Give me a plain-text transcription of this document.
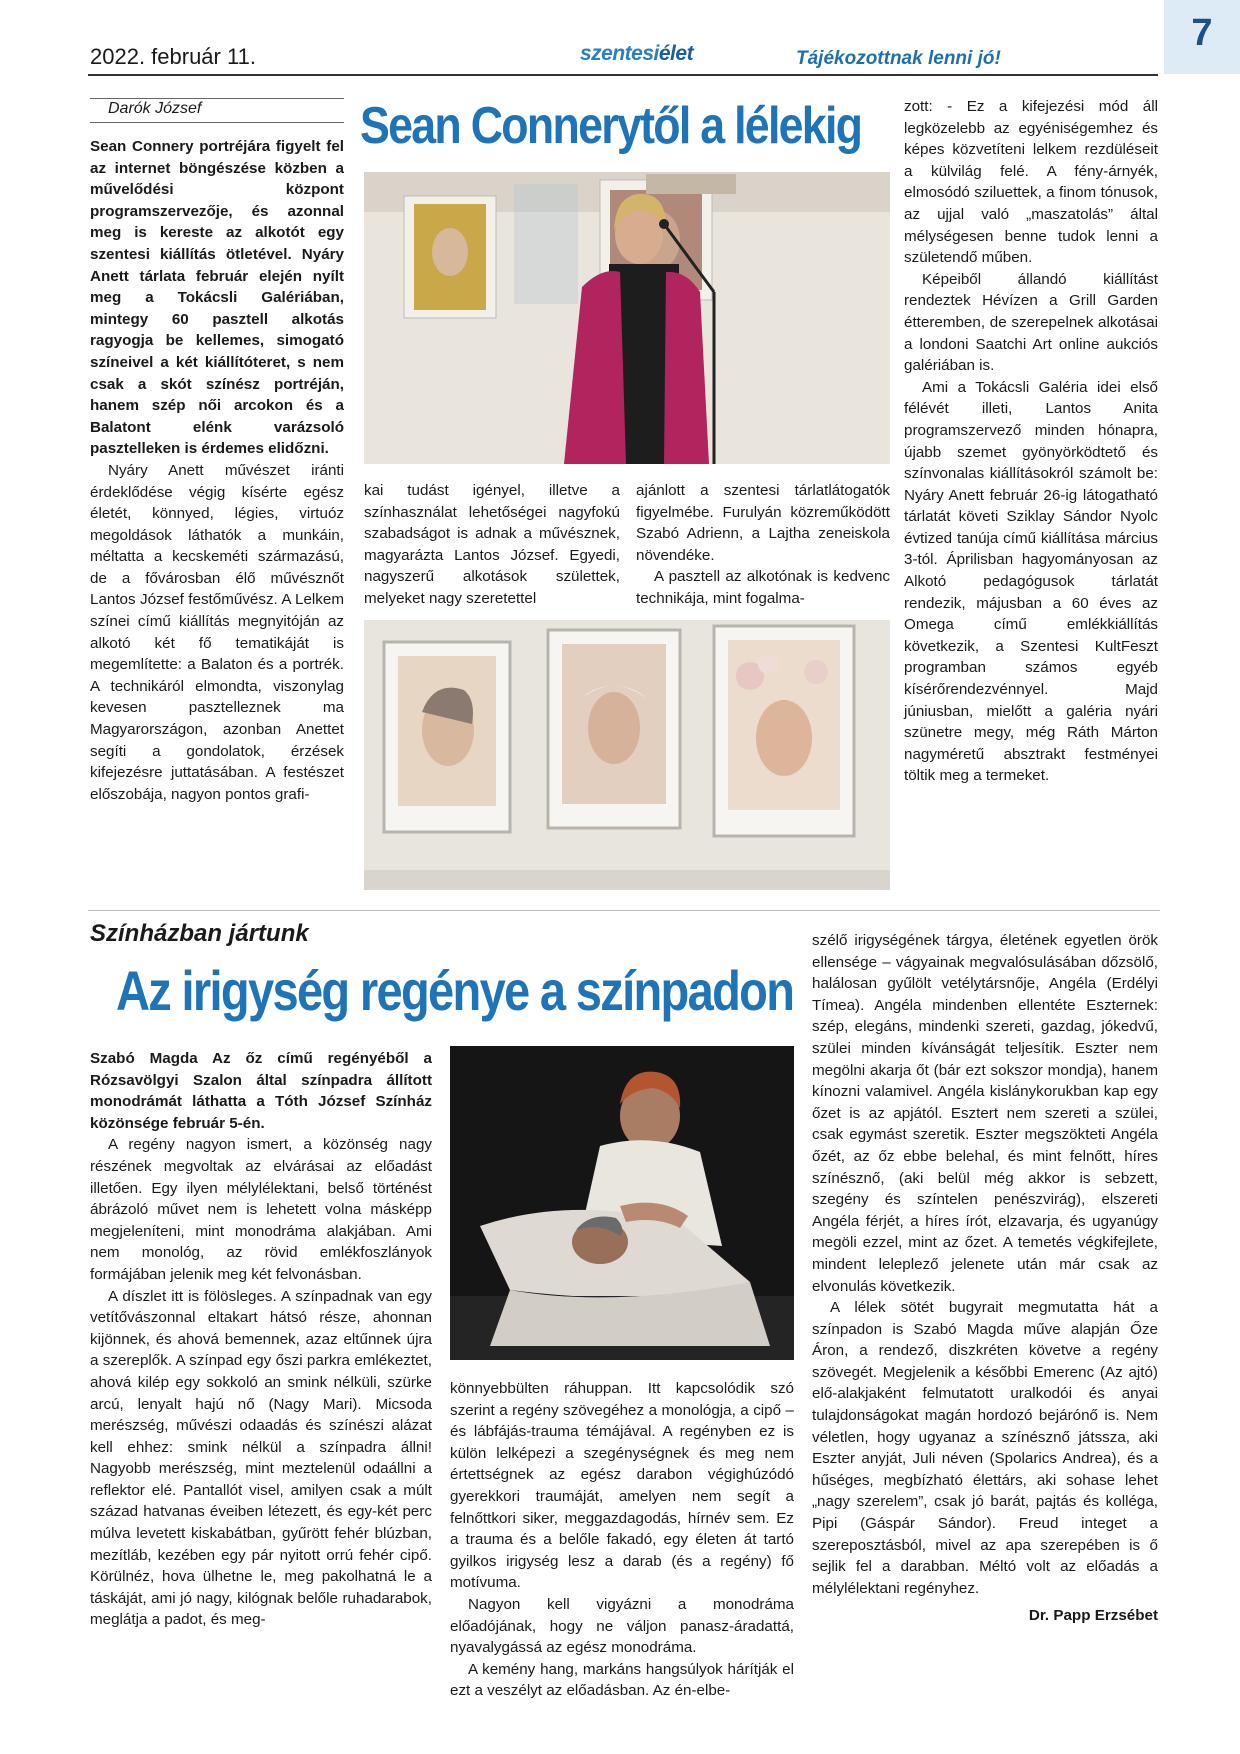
2022. február 11.	szentesiélet	Tájékozottnak lenni jó!
7
Darók József	Sean Connerytől a lélekig

Sean Connery portréjára figyelt fel az internet böngészése közben a művelődési központ programszervezője, és azonnal meg is kereste az alkotót egy szentesi kiállítás ötletével. Nyáry Anett tárlata február elején nyílt meg a Tokácsli Galériában, mintegy 60 pasztell alkotás ragyogja be kellemes, simogató színeivel a két kiállítóteret, s nem csak a skót színész portréján, hanem szép női arcokon és a Balatont elénk varázsoló pasztelleken is érdemes elidőzni.

Nyáry Anett művészet iránti érdeklődése végig kísérte egész életét, könnyed, légies, virtuóz megoldások láthatók a munkáin, méltatta a kecskeméti származású, de a fővárosban élő művésznőt Lantos József festőművész. A Lelkem színei című kiállítás megnyitóján az alkotó két fő tematikáját is megemlítette: a Balaton és a portrék. A technikáról elmondta, viszonylag kevesen pasztelleznek ma Magyarországon, azonban Anettet segíti a gondolatok, érzések kifejezésre juttatásában. A festészet előszobája, nagyon pontos grafi-

kai tudást igényel, illetve a színhasználat lehetőségei nagyfokú szabadságot is adnak a művésznek, magyarázta Lantos József. Egyedi, nagyszerű alkotások születtek, melyeket nagy szeretettel

ajánlott a szentesi tárlatlátogatók figyelmébe. Furulyán közreműködött Szabó Adrienn, a Lajtha zeneiskola növendéke.

A pasztell az alkotónak is kedvenc technikája, mint fogalma-

zott: - Ez a kifejezési mód áll legközelebb az egyéniségemhez és képes közvetíteni lelkem rezdüléseit a külvilág felé. A fény-árnyék, elmosódó sziluettek, a finom tónusok, az ujjal való „maszatolás” által mélységesen benne tudok lenni a születendő műben.

Képeiből állandó kiállítást rendeztek Hévízen a Grill Garden étteremben, de szerepelnek alkotásai a londoni Saatchi Art online aukciós galériában is.

Ami a Tokácsli Galéria idei első félévét illeti, Lantos Anita programszervező minden hónapra, újabb szemet gyönyörködtető és színvonalas kiállításokról számolt be: Nyáry Anett február 26-ig látogatható tárlatát követi Sziklay Sándor Nyolc évtized tanúja című kiállítása március 3-tól. Áprilisban hagyományosan az Alkotó pedagógusok tárlatát rendezik, májusban a 60 éves az Omega című emlékkiállítás következik, a Szentesi KultFeszt programban számos egyéb kísérőrendezvénnyel. Majd júniusban, mielőtt a galéria nyári szünetre megy, még Ráth Márton nagyméretű absztrakt festményei töltik meg a termeket.

Színházban jártunk
Az irigység regénye a színpadon

Szabó Magda Az őz című regényéből a Rózsavölgyi Szalon által színpadra állított monodrámát láthatta a Tóth József Színház közönsége február 5-én.

A regény nagyon ismert, a közönség nagy részének megvoltak az elvárásai az előadást illetően. Egy ilyen mélylélektani, belső történést ábrázoló művet nem is lehetett volna másképp megjeleníteni, mint monodráma alakjában. Ami nem monológ, az rövid emlékfoszlányok formájában jelenik meg két felvonásban.

A díszlet itt is fölösleges. A színpadnak van egy vetítővászonnal eltakart hátsó része, ahonnan kijönnek, és ahová bemennek, azaz eltűnnek újra a szereplők. A színpad egy őszi parkra emlékeztet, ahová kilép egy sokkoló an smink nélküli, szürke arcú, lenyalt hajú nő (Nagy Mari). Micsoda merészség, művészi odaadás és színészi alázat kell ehhez: smink nélkül a színpadra állni! Nagyobb merészség, mint meztelenül odaállni a reflektor elé. Pantallót visel, amilyen csak a múlt század hatvanas éveiben létezett, és egy-két perc múlva levetett kiskabátban, gyűrött fehér blúzban, mezítláb, kezében egy pár nyitott orrú fehér cipő. Körülnéz, hova ülhetne le, meg pakolhatná le a táskáját, ami jó nagy, kilógnak belőle ruhadarabok, meglátja a padot, és meg-

könnyebbülten ráhuppan. Itt kapcsolódik szó szerint a regény szövegéhez a monológja, a cipő – és lábfájás-trauma témájával. A regényben ez is külön lelképezi a szegénységnek és meg nem értettségnek az egész darabon végighúzódó gyerekkori traumáját, amelyen nem segít a felnőttkori siker, meggazdagodás, hírnév sem. Ez a trauma és a belőle fakadó, egy életen át tartó gyilkos irigység lesz a darab (és a regény) fő motívuma.

Nagyon kell vigyázni a monodráma előadójának, hogy ne váljon panasz-áradattá, nyavalygássá az egész monodráma.

A kemény hang, markáns hangsúlyok hárítják el ezt a veszélyt az előadásban. Az én-elbe-

szélő irigységének tárgya, életének egyetlen örök ellensége – vágyainak megvalósulásában dőzsölő, halálosan gyűlölt vetélytársnője, Angéla (Erdélyi Tímea). Angéla mindenben ellentéte Eszternek: szép, elegáns, mindenki szereti, gazdag, jókedvű, szülei minden kívánságát teljesítik. Eszter nem megölni akarja őt (bár ezt sokszor mondja), hanem kínozni valamivel. Angéla kislánykorukban kap egy őzet is az apjától. Esztert nem szereti a szülei, csak egymást szeretik. Eszter megszökteti Angéla őzét, az őz ebbe belehal, és mint felnőtt, híres színésznő, (aki belül még akkor is sebzett, szegény és színtelen penészvirág), elszereti Angéla férjét, a híres írót, elzavarja, és ugyanúgy megöli ezzel, mint az őzet. A temetés végkifejlete, mindent leleplező jelenete után már csak az elvonulás következik.

A lélek sötét bugyrait megmutatta hát a színpadon is Szabó Magda műve alapján Őze Áron, a rendező, diszkréten követve a regény szövegét. Megjelenik a későbbi Emerenc (Az ajtó) elő-alakjaként felmutatott uralkodói és anyai tulajdonságokat magán hordozó bejárónő is. Nem véletlen, hogy ugyanaz a színésznő játssza, aki Eszter anyját, Juli néven (Spolarics Andrea), és a hűséges, megbízható élettárs, aki sohase lehet „nagy szerelem”, csak jó barát, pajtás és kolléga, Pipi (Gáspár Sándor). Freud integet a szereposztásból, mivel az apa szerepében is ő sejlik fel a darabban. Méltó volt az előadás a mélylélektani regényhez.

Dr. Papp Erzsébet
